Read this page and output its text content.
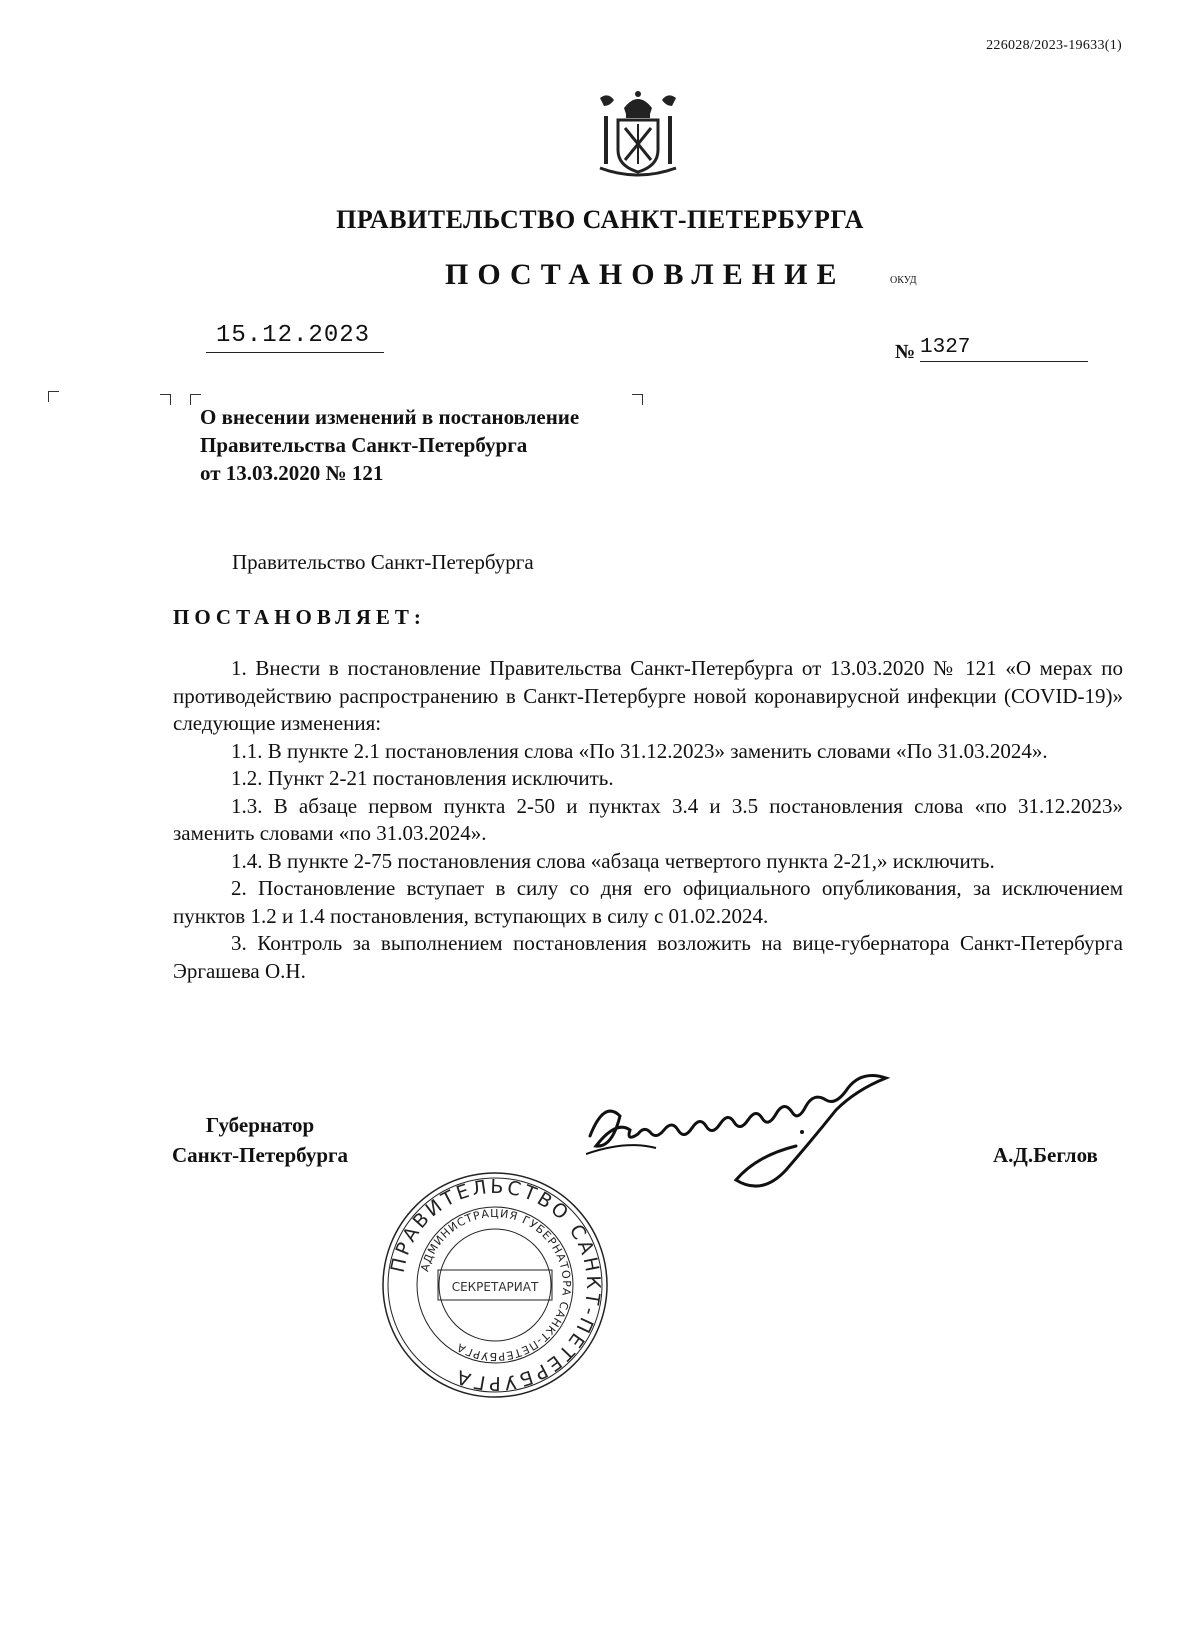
226028/2023-19633(1)
ПРАВИТЕЛЬСТВО САНКТ-ПЕТЕРБУРГА
ПОСТАНОВЛЕНИЕ	ОКУД
15.12.2023
№ 1327
О внесении изменений в постановление
Правительства Санкт-Петербурга
от 13.03.2020 № 121
Правительство Санкт-Петербурга
ПОСТАНОВЛЯЕТ:

1. Внести в постановление Правительства Санкт-Петербурга от 13.03.2020 № 121 «О мерах по противодействию распространению в Санкт-Петербурге новой коронавирусной инфекции (COVID-19)» следующие изменения:

1.1. В пункте 2.1 постановления слова «По 31.12.2023» заменить словами «По 31.03.2024».

1.2. Пункт 2-21 постановления исключить.

1.3. В абзаце первом пункта 2-50 и пунктах 3.4 и 3.5 постановления слова «по 31.12.2023» заменить словами «по 31.03.2024».

1.4. В пункте 2-75 постановления слова «абзаца четвертого пункта 2-21,» исключить.

2. Постановление вступает в силу со дня его официального опубликования, за исключением пунктов 1.2 и 1.4 постановления, вступающих в силу с 01.02.2024.

3. Контроль за выполнением постановления возложить на вице-губернатора Санкт-Петербурга Эргашева О.Н.

Губернатор
Санкт-Петербурга	А.Д.Беглов
ПРАВИТЕЛЬСТВО САНКТ-ПЕТЕРБУРГА
АДМИНИСТРАЦИЯ ГУБЕРНАТОРА САНКТ-ПЕТЕРБУРГА
СЕКРЕТАРИАТ
